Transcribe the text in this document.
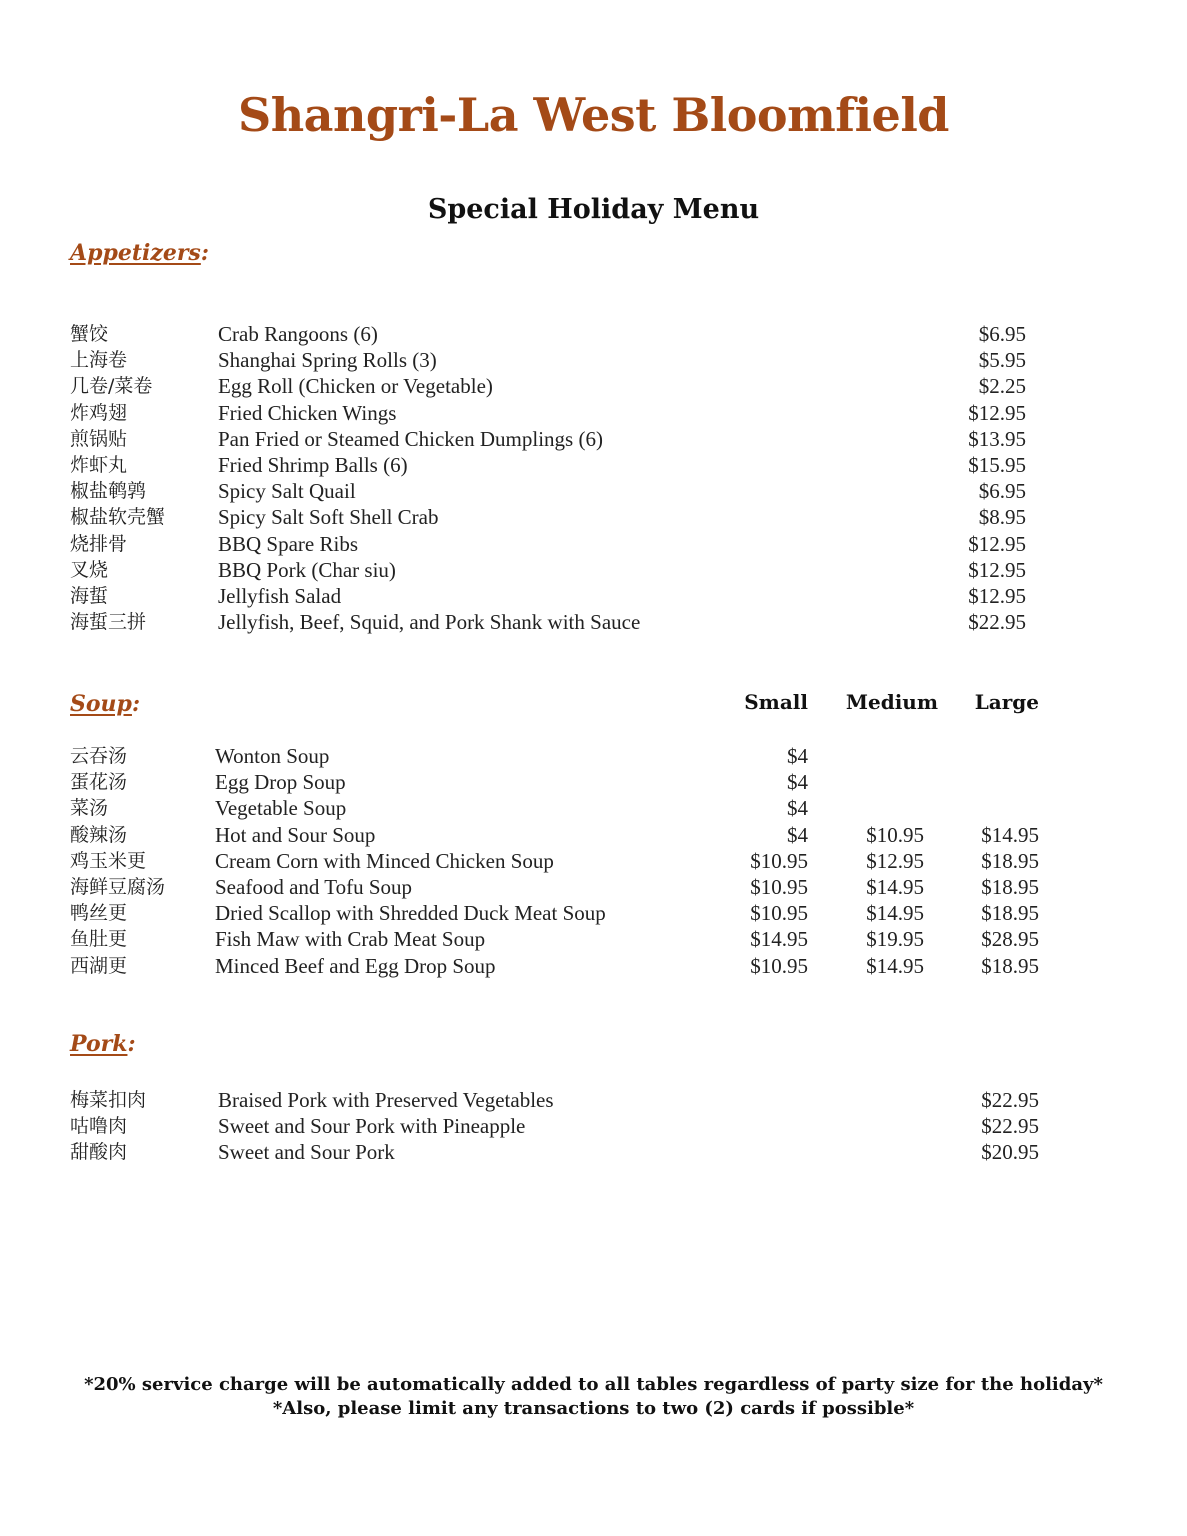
Shangri-La West Bloomfield
Special Holiday Menu
Appetizers:
蟹饺	Crab Rangoons (6)	$6.95
上海卷	Shanghai Spring Rolls (3)	$5.95
几卷/菜卷	Egg Roll (Chicken or Vegetable)	$2.25
炸鸡翅	Fried Chicken Wings	$12.95
煎锅贴	Pan Fried or Steamed Chicken Dumplings (6)	$13.95
炸虾丸	Fried Shrimp Balls (6)	$15.95
椒盐鹌鹑	Spicy Salt Quail	$6.95
椒盐软壳蟹	Spicy Salt Soft Shell Crab	$8.95
烧排骨	BBQ Spare Ribs	$12.95
叉烧	BBQ Pork (Char siu)	$12.95
海蜇	Jellyfish Salad	$12.95
海蜇三拼	Jellyfish, Beef, Squid, and Pork Shank with Sauce	$22.95
Soup:	Small Medium Large
云吞汤	Wonton Soup	$4
蛋花汤	Egg Drop Soup	$4
菜汤	Vegetable Soup	$4
酸辣汤	Hot and Sour Soup	$4	$10.95	$14.95
鸡玉米更	Cream Corn with Minced Chicken Soup	$10.95	$12.95	$18.95
海鲜豆腐汤 Seafood and Tofu Soup	$10.95	$14.95	$18.95
鸭丝更	Dried Scallop with Shredded Duck Meat Soup	$10.95	$14.95	$18.95
鱼肚更	Fish Maw with Crab Meat Soup	$14.95	$19.95	$28.95
西湖更	Minced Beef and Egg Drop Soup	$10.95	$14.95	$18.95
Pork:
梅菜扣肉	Braised Pork with Preserved Vegetables	$22.95
咕噜肉	Sweet and Sour Pork with Pineapple	$22.95
甜酸肉	Sweet and Sour Pork	$20.95
*20% service charge will be automatically added to all tables regardless of party size for the holiday*
*Also, please limit any transactions to two (2) cards if possible*
